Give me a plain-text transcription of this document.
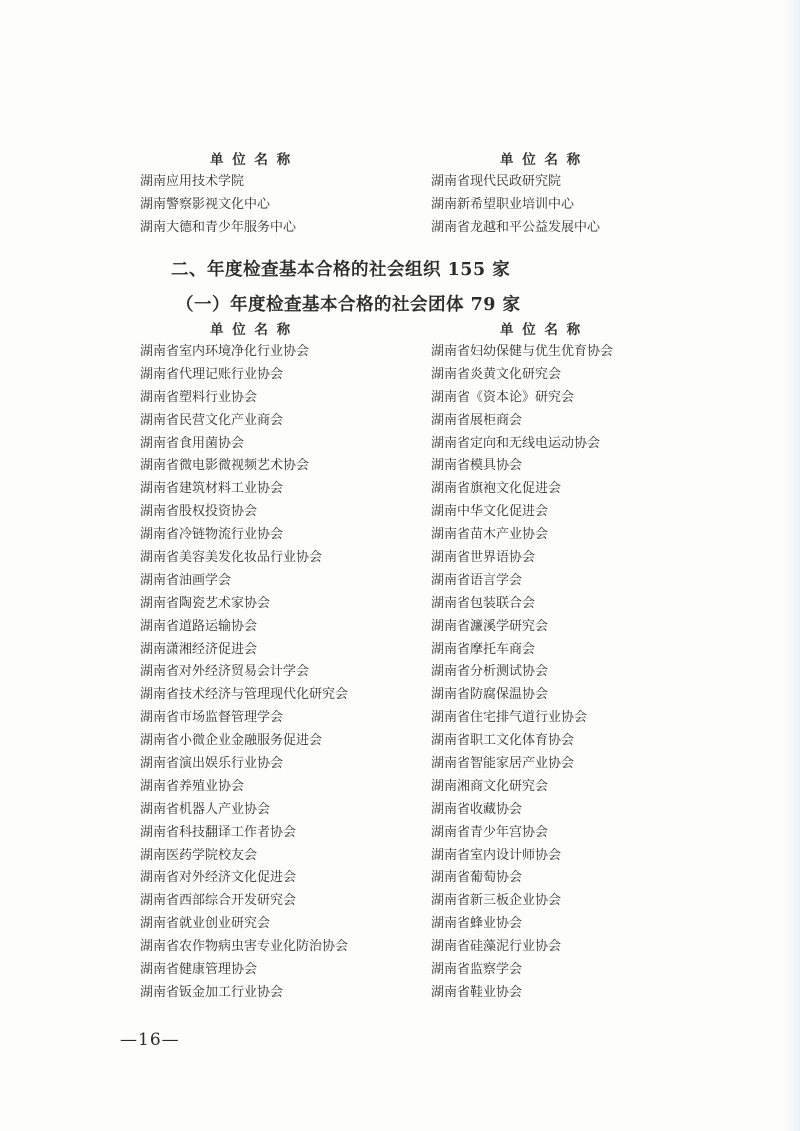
单 位 名 称	单 位 名 称
湖南应用技术学院
湖南警察影视文化中心
湖南大德和青少年服务中心
湖南省现代民政研究院
湖南新希望职业培训中心
湖南省龙越和平公益发展中心
二、年度检查基本合格的社会组织 155 家
（一）年度检查基本合格的社会团体 79 家
单 位 名 称	单 位 名 称
湖南省室内环境净化行业协会
湖南省代理记账行业协会
湖南省塑料行业协会
湖南省民营文化产业商会
湖南省食用菌协会
湖南省微电影微视频艺术协会
湖南省建筑材料工业协会
湖南省股权投资协会
湖南省冷链物流行业协会
湖南省美容美发化妆品行业协会
湖南省油画学会
湖南省陶瓷艺术家协会
湖南省道路运输协会
湖南潇湘经济促进会
湖南省对外经济贸易会计学会
湖南省技术经济与管理现代化研究会
湖南省市场监督管理学会
湖南省小微企业金融服务促进会
湖南省演出娱乐行业协会
湖南省养殖业协会
湖南省机器人产业协会
湖南省科技翻译工作者协会
湖南医药学院校友会
湖南省对外经济文化促进会
湖南省西部综合开发研究会
湖南省就业创业研究会
湖南省农作物病虫害专业化防治协会
湖南省健康管理协会
湖南省钣金加工行业协会
湖南省妇幼保健与优生优育协会
湖南省炎黄文化研究会
湖南省《资本论》研究会
湖南省展柜商会
湖南省定向和无线电运动协会
湖南省模具协会
湖南省旗袍文化促进会
湖南中华文化促进会
湖南省苗木产业协会
湖南省世界语协会
湖南省语言学会
湖南省包装联合会
湖南省濂溪学研究会
湖南省摩托车商会
湖南省分析测试协会
湖南省防腐保温协会
湖南省住宅排气道行业协会
湖南省职工文化体育协会
湖南省智能家居产业协会
湖南湘商文化研究会
湖南省收藏协会
湖南省青少年宫协会
湖南省室内设计师协会
湖南省葡萄协会
湖南省新三板企业协会
湖南省蜂业协会
湖南省硅藻泥行业协会
湖南省监察学会
湖南省鞋业协会
—16—
